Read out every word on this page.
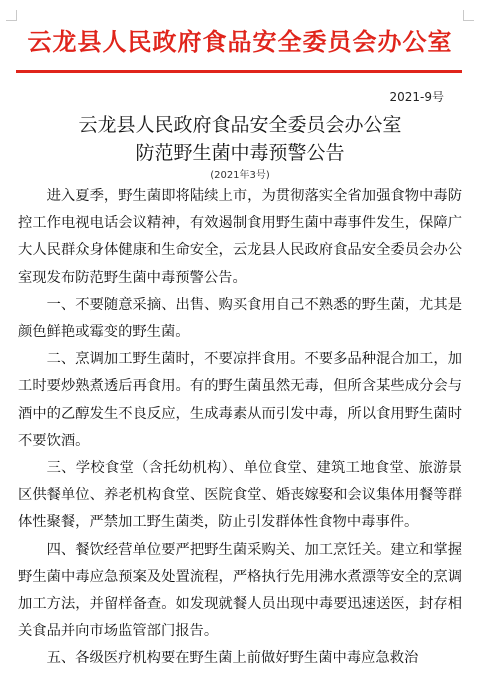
云龙县人民政府食品安全委员会办公室
2021-9号
云龙县人民政府食品安全委员会办公室
防范野生菌中毒预警公告
(2021年3号)

进入夏季，野生菌即将陆续上市，为贯彻落实全省加强食物中毒防控工作电视电话会议精神，有效遏制食用野生菌中毒事件发生，保障广大人民群众身体健康和生命安全，云龙县人民政府食品安全委员会办公室现发布防范野生菌中毒预警公告。

一、不要随意采摘、出售、购买食用自己不熟悉的野生菌，尤其是颜色鲜艳或霉变的野生菌。

二、烹调加工野生菌时，不要凉拌食用。不要多品种混合加工，加工时要炒熟煮透后再食用。有的野生菌虽然无毒，但所含某些成分会与酒中的乙醇发生不良反应，生成毒素从而引发中毒，所以食用野生菌时不要饮酒。

三、学校食堂（含托幼机构）、单位食堂、建筑工地食堂、旅游景区供餐单位、养老机构食堂、医院食堂、婚丧嫁娶和会议集体用餐等群体性聚餐，严禁加工野生菌类，防止引发群体性食物中毒事件。

四、餐饮经营单位要严把野生菌采购关、加工烹饪关。建立和掌握野生菌中毒应急预案及处置流程，严格执行先用沸水煮漂等安全的烹调加工方法，并留样备查。如发现就餐人员出现中毒要迅速送医，封存相关食品并向市场监管部门报告。

五、各级医疗机构要在野生菌上前做好野生菌中毒应急救治
